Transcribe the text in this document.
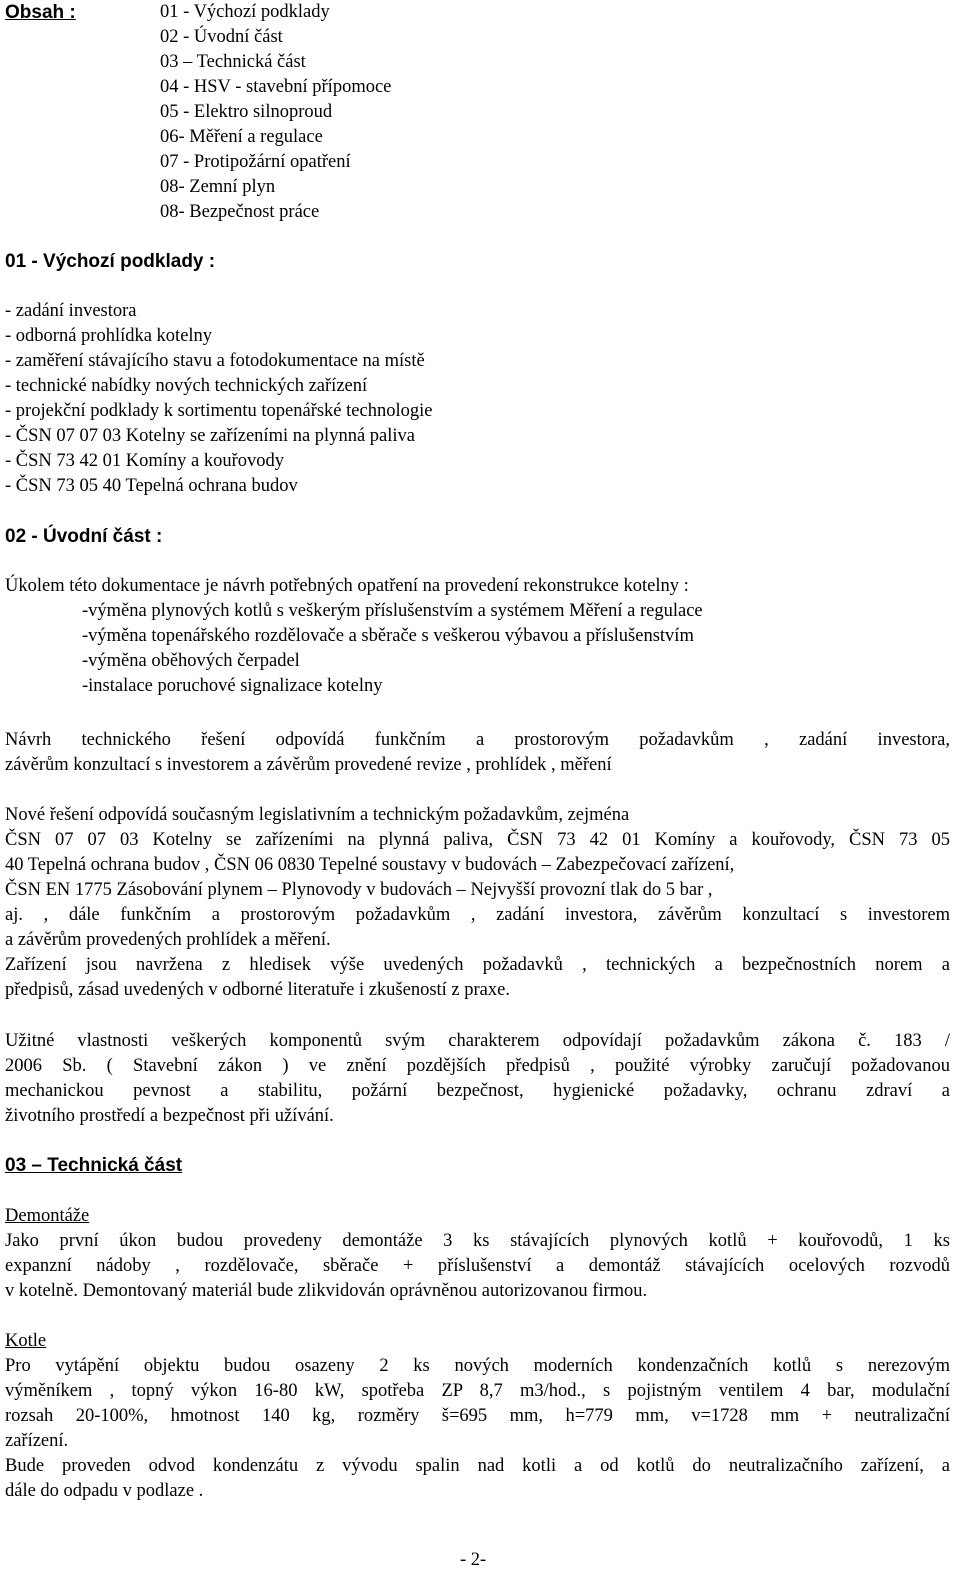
Obsah :	01 - Výchozí podklady
02 - Úvodní část
03 – Technická část
04 - HSV - stavební přípomoce
05 - Elektro silnoproud
06- Měření a regulace
07 - Protipožární opatření
08- Zemní plyn
08- Bezpečnost práce
01 - Výchozí podklady :
- zadání investora
- odborná prohlídka kotelny
- zaměření stávajícího stavu a fotodokumentace na místě
- technické nabídky nových technických zařízení
- projekční podklady k sortimentu topenářské technologie
- ČSN 07 07 03 Kotelny se zařízeními na plynná paliva
- ČSN 73 42 01 Komíny a kouřovody
- ČSN 73 05 40 Tepelná ochrana budov
02 - Úvodní část :
Úkolem této dokumentace je návrh potřebných opatření na provedení rekonstrukce kotelny :
-výměna plynových kotlů s veškerým příslušenstvím a systémem Měření a regulace
-výměna topenářského rozdělovače a sběrače s veškerou výbavou a příslušenstvím
-výměna oběhových čerpadel
-instalace poruchové signalizace kotelny
Návrh technického řešení odpovídá funkčním a prostorovým požadavkům , zadání investora,
závěrům konzultací s investorem a závěrům provedené revize , prohlídek , měření
Nové řešení odpovídá současným legislativním a technickým požadavkům, zejména
ČSN 07 07 03 Kotelny se zařízeními na plynná paliva, ČSN 73 42 01 Komíny a kouřovody, ČSN 73 05
40 Tepelná ochrana budov , ČSN 06 0830 Tepelné soustavy v budovách – Zabezpečovací zařízení,
ČSN EN 1775 Zásobování plynem – Plynovody v budovách – Nejvyšší provozní tlak do 5 bar ,
aj. , dále funkčním a prostorovým požadavkům , zadání investora, závěrům konzultací s investorem
a závěrům provedených prohlídek a měření.
Zařízení jsou navržena z hledisek výše uvedených požadavků , technických a bezpečnostních norem a
předpisů, zásad uvedených v odborné literatuře i zkušeností z praxe.
Užitné vlastnosti veškerých komponentů svým charakterem odpovídají požadavkům zákona č. 183 /
2006 Sb. ( Stavební zákon ) ve znění pozdějších předpisů , použité výrobky zaručují požadovanou
mechanickou pevnost a stabilitu, požární bezpečnost, hygienické požadavky, ochranu zdraví a
životního prostředí a bezpečnost při užívání.
03 – Technická část
Demontáže
Jako první úkon budou provedeny demontáže 3 ks stávajících plynových kotlů + kouřovodů, 1 ks
expanzní nádoby , rozdělovače, sběrače + příslušenství a demontáž stávajících ocelových rozvodů
v kotelně. Demontovaný materiál bude zlikvidován oprávněnou autorizovanou firmou.
Kotle
Pro vytápění objektu budou osazeny 2 ks nových moderních kondenzačních kotlů s nerezovým
výměníkem , topný výkon 16-80 kW, spotřeba ZP 8,7 m3/hod., s pojistným ventilem 4 bar, modulační
rozsah 20-100%, hmotnost 140 kg, rozměry š=695 mm, h=779 mm, v=1728 mm + neutralizační
zařízení.
Bude proveden odvod kondenzátu z vývodu spalin nad kotli a od kotlů do neutralizačního zařízení, a
dále do odpadu v podlaze .
- 2-
